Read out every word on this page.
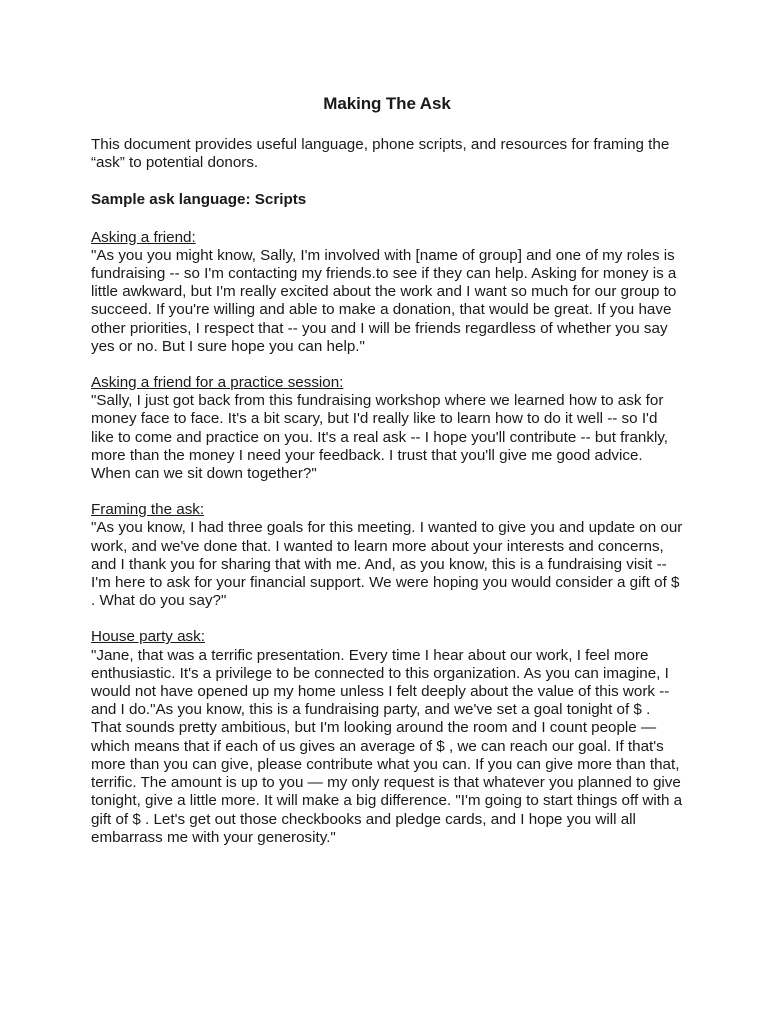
Making The Ask

This document provides useful language, phone scripts, and resources for framing the “ask” to potential donors.

Sample ask language: Scripts

Asking a friend:

"As you you might know, Sally, I'm involved with [name of group] and one of my roles is fundraising -- so I'm contacting my friends.to see if they can help. Asking for money is a little awkward, but I'm really excited about the work and I want so much for our group to succeed. If you're willing and able to make a donation, that would be great. If you have other priorities, I respect that -- you and I will be friends regardless of whether you say yes or no. But I sure hope you can help."

Asking a friend for a practice session:

"Sally, I just got back from this fundraising workshop where we learned how to ask for money face to face. It's a bit scary, but I'd really like to learn how to do it well -- so I'd like to come and practice on you. It's a real ask -- I hope you'll contribute -- but frankly, more than the money I need your feedback. I trust that you'll give me good advice. When can we sit down together?"

Framing the ask:

"As you know, I had three goals for this meeting. I wanted to give you and update on our work, and we've done that. I wanted to learn more about your interests and concerns, and I thank you for sharing that with me. And, as you know, this is a fundraising visit -- I'm here to ask for your financial support. We were hoping you would consider a gift of $ . What do you say?"

House party ask:

"Jane, that was a terrific presentation. Every time I hear about our work, I feel more enthusiastic. It's a privilege to be connected to this organization. As you can imagine, I would not have opened up my home unless I felt deeply about the value of this work -- and I do."As you know, this is a fundraising party, and we've set a goal tonight of $ . That sounds pretty ambitious, but I'm looking around the room and I count people — which means that if each of us gives an average of $ , we can reach our goal. If that's more than you can give, please contribute what you can. If you can give more than that, terrific. The amount is up to you — my only request is that whatever you planned to give tonight, give a little more. It will make a big difference. "I'm going to start things off with a gift of $ . Let's get out those checkbooks and pledge cards, and I hope you will all embarrass me with your generosity."
